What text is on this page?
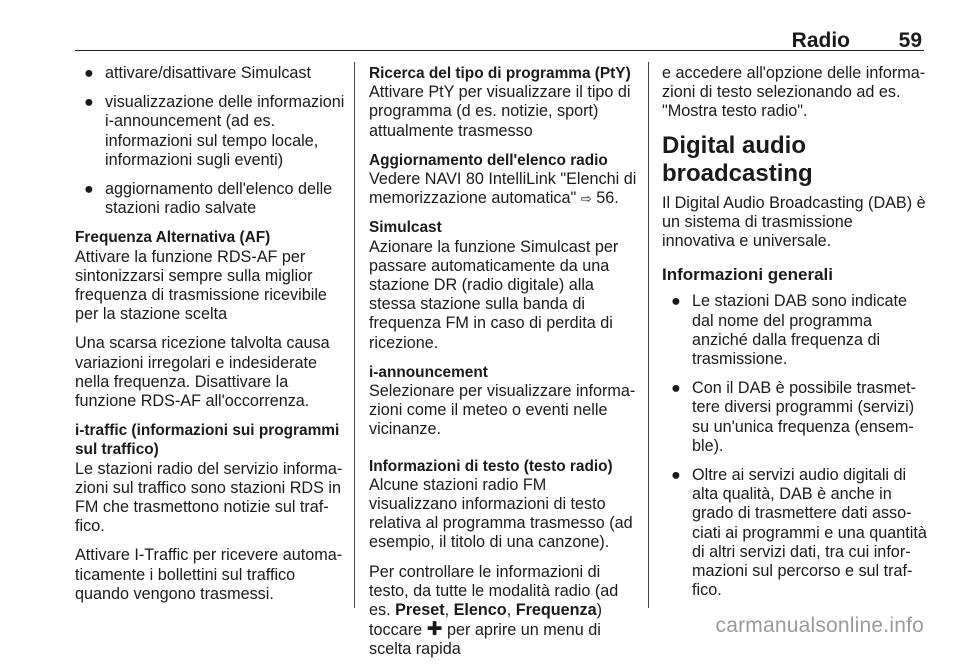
Radio 59
● attivare/disattivare Simulcast
● visualizzazione delle informazioni i-announcement (ad es. informazioni sul tempo locale, informazioni sugli eventi)
● aggiornamento dell'elenco delle stazioni radio salvate
Frequenza Alternativa (AF)
Attivare la funzione RDS-AF per sintonizzarsi sempre sulla miglior frequenza di trasmissione ricevibile per la stazione scelta

Una scarsa ricezione talvolta causa variazioni irregolari e indesiderate nella frequenza. Disattivare la funzione RDS-AF all'occorrenza.

i-traffic (informazioni sui programmi sul traffico)
Le stazioni radio del servizio informazioni sul traffico sono stazioni RDS in FM che trasmettono notizie sul traffico.

Attivare I-Traffic per ricevere automaticamente i bollettini sul traffico quando vengono trasmessi.

Ricerca del tipo di programma (PtY)
Attivare PtY per visualizzare il tipo di programma (d es. notizie, sport) attualmente trasmesso
Aggiornamento dell'elenco radio
Vedere NAVI 80 IntelliLink "Elenchi di memorizzazione automatica" ⇨ 56.
Simulcast
Azionare la funzione Simulcast per passare automaticamente da una stazione DR (radio digitale) alla stessa stazione sulla banda di frequenza FM in caso di perdita di ricezione.
i-announcement
Selezionare per visualizzare informazioni come il meteo o eventi nelle vicinanze.
Informazioni di testo (testo radio)
Alcune stazioni radio FM visualizzano informazioni di testo relativa al programma trasmesso (ad esempio, il titolo di una canzone).

Per controllare le informazioni di testo, da tutte le modalità radio (ad es. Preset, Elenco, Frequenza) toccare ✚ per aprire un menu di scelta rapida

e accedere all'opzione delle informazioni di testo selezionando ad es. "Mostra testo radio".

Digital audio broadcasting

Il Digital Audio Broadcasting (DAB) è un sistema di trasmissione innovativa e universale.

Informazioni generali
● Le stazioni DAB sono indicate dal nome del programma anziché dalla frequenza di trasmissione.
● Con il DAB è possibile trasmettere diversi programmi (servizi) su un'unica frequenza (ensemble).
● Oltre ai servizi audio digitali di alta qualità, DAB è anche in grado di trasmettere dati associati ai programmi e una quantità di altri servizi dati, tra cui informazioni sul percorso e sul traffico.
carmanualsonline.info
